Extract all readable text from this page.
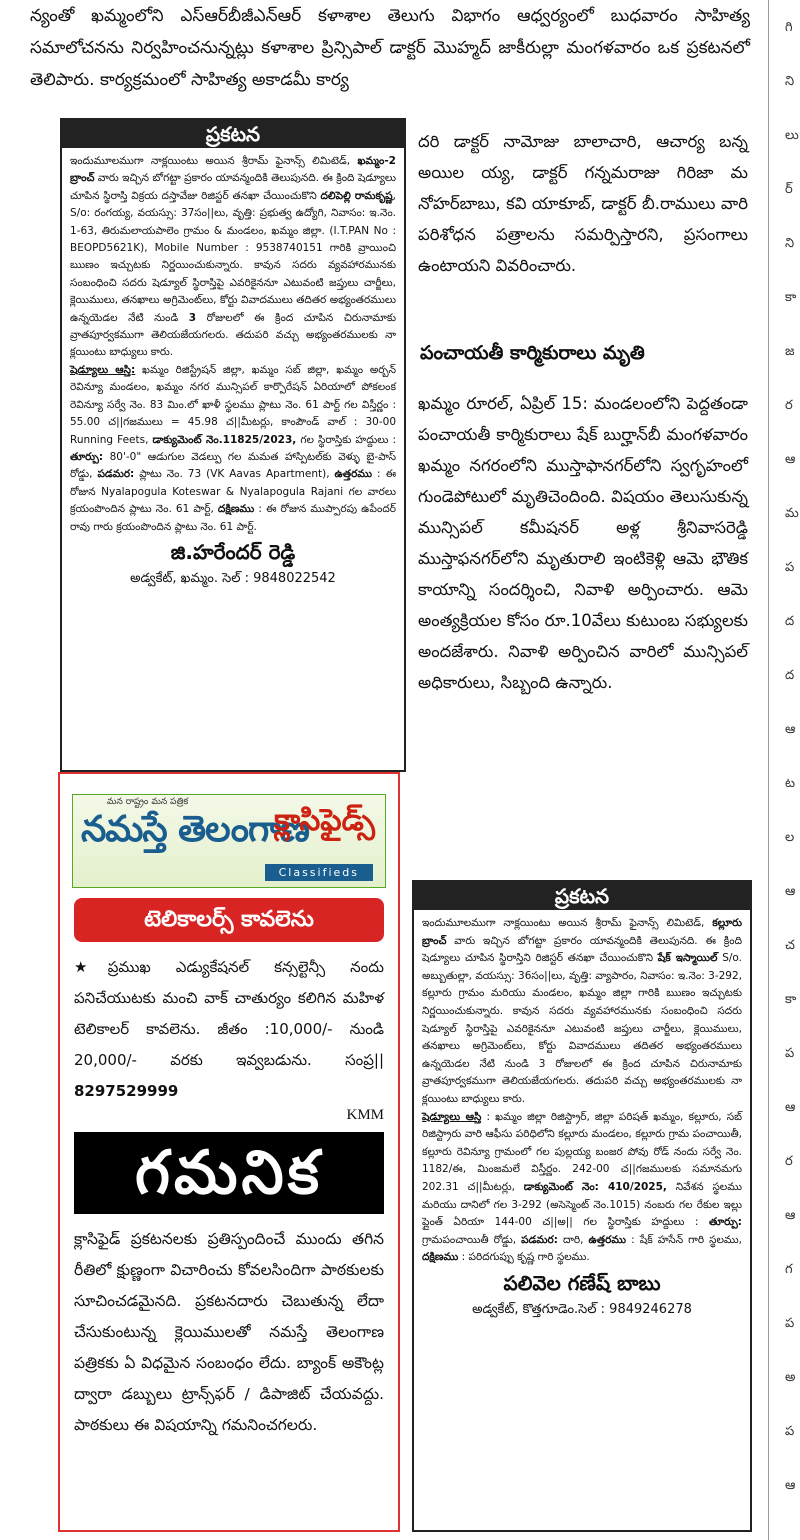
న్యంతో ఖమ్మంలోని ఎస్‌ఆర్‌బీజీఎన్‌ఆర్ కళాశాల తెలుగు విభాగం ఆధ్వర్యంలో బుధవారం సాహిత్య సమాలోచనను నిర్వహించనున్నట్లు కళాశాల ప్రిన్సిపాల్ డాక్టర్ మొహ్మద్ జాకీరుల్లా మంగళవారం ఒక ప్రకటనలో తెలిపారు. కార్యక్రమంలో సాహిత్య అకాడమీ కార్య
గి
ని
లు
ర్
ని
కా
జ
ర
ఆ
మ
ప
ద
ద
ఆ
ట
ల
ఆ
చ
కా
ప
ఆ
ర
ఆ
గ
ప
అ
ప
ఆ
ప్రకటన
ఇందుమూలముగా నాక్లయింటు అయిన శ్రీరామ్ ఫైనాన్స్ లిమిటెడ్, ఖమ్మం-2 బ్రాంచ్ వారు ఇచ్చిన బోగట్టా ప్రకారం యావన్మందికి తెలుపునది. ఈ క్రింది షెడ్యూలు చూపిన స్థిరాస్తి విక్రయ దస్తావేజు రిజిస్టర్ తనఖా చేయించుకొని దలిపెల్లి రామకృష్ణ, S/o: రంగయ్య, వయస్సు: 37సం||లు, వృత్తి: ప్రభుత్వ ఉద్యోగి, నివాసం: ఇ.నెం. 1-63, తిరుమలాయపాలెం గ్రామం & మండలం, ఖమ్మం జిల్లా. (I.T.PAN No : BEOPD5621K), Mobile Number : 9538740151 గారికి వ్రాయించి ఋణం ఇచ్చుటకు నిర్ణయించుకున్నారు. కావున సదరు వ్యవహారమునకు సంబంధించి సదరు షెడ్యూల్ స్థిరాస్తిపై ఎవరికైననూ ఎటువంటి జప్తులు చార్జీలు, క్లెయిములు, తనఖాలు అగ్రిమెంట్‌లు, కోర్టు వివాదములు తదితర అభ్యంతరములు ఉన్నయెడల నేటి నుండి 3 రోజులలో ఈ క్రింద చూపిన చిరునామాకు వ్రాతపూర్వకముగా తెలియజేయగలరు. తదుపరి వచ్చు అభ్యంతరములకు నా క్లయింటు బాధ్యులు కారు.
షెడ్యూలు ఆస్తి: ఖమ్మం రిజిస్ట్రేషన్ జిల్లా, ఖమ్మం సబ్ జిల్లా, ఖమ్మం అర్బన్ రెవిన్యూ మండలం, ఖమ్మం నగర మున్సిపల్ కార్పొరేషన్ ఏరియాలో పోకలంక రెవిన్యూ సర్వే నెం. 83 మిం.లో ఖాళీ స్థలము ప్లాటు నెం. 61 పార్ట్ గల విస్తీర్ణం : 55.00 చ||గజములు = 45.98 చ||మీటర్లు, కాంపౌండ్ వాల్ : 30-00 Running Feets, డాక్యుమెంట్ నెం.11825/2023, గల స్థిరాస్తికు హద్దులు : తూర్పు: 80'-0" ఆడుగుల వెడల్పు గల మమత హాస్పిటల్‌కు వెళ్ళు బై-పాస్ రోడ్డు, పడమర: ప్లాటు నెం. 73 (VK Aavas Apartment), ఉత్తరము : ఈ రోజున Nyalapogula Koteswar & Nyalapogula Rajani గల వారలు క్రయంపొందిన ప్లాటు నెం. 61 పార్ట్, దక్షిణము : ఈ రోజున ముప్పారపు ఉపేందర్ రావు గారు క్రయంపొందిన ప్లాటు నెం. 61 పార్ట్.
జి.హరేందర్ రెడ్డి
అడ్వకేట్, ఖమ్మం. సెల్ : 9848022542
దరి డాక్టర్ నామోజు బాలాచారి, ఆచార్య బన్న అయిల య్య, డాక్టర్ గన్నమరాజు గిరిజా మ నోహర్‌బాబు, కవి యాకూబ్, డాక్టర్ బీ.రాములు వారి పరిశోధన పత్రాలను సమర్పిస్తారని, ప్రసంగాలు ఉంటాయని వివరించారు.
పంచాయతీ కార్మికురాలు మృతి
ఖమ్మం రూరల్, ఏప్రిల్ 15: మండలంలోని పెద్దతండా పంచాయతీ కార్మికురాలు షేక్ బుర్హాన్‌బీ మంగళవారం ఖమ్మం నగరంలోని ముస్తాఫానగర్‌లోని స్వగృహంలో గుండెపోటులో మృతిచెందింది. విషయం తెలుసుకున్న మున్సిపల్ కమీషనర్ అళ్ల శ్రీనివాసరెడ్డి ముస్తాఫనగర్‌లోని మృతురాలి ఇంటికెళ్లి ఆమె భౌతిక కాయాన్ని సందర్శించి, నివాళి అర్పించారు. ఆమె అంత్యక్రియల కోసం రూ.10వేలు కుటుంబ సభ్యులకు అందజేశారు. నివాళి అర్పించిన వారిలో మున్సిపల్ అధికారులు, సిబ్బంది ఉన్నారు.
మన రాష్ట్రం మన పత్రిక
నమస్తే తెలంగాణ
క్లాసిఫైడ్స్
Classifieds
టెలికాలర్స్ కావలెను
★ప్రముఖ ఎడ్యుకేషనల్ కన్సల్టెన్సీ నందు పనిచేయుటకు మంచి వాక్ చాతుర్యం కలిగిన మహిళ టెలికాలర్ కావలెను. జీతం :10,000/- నుండి 20,000/- వరకు ఇవ్వబడును. సంప్ర|| 8297529999
KMM
గమనిక
క్లాసిఫైడ్ ప్రకటనలకు ప్రతిస్పందించే ముందు తగిన రీతిలో క్షుణ్ణంగా విచారించు కోవలసిందిగా పాఠకులకు సూచించడమైనది. ప్రకటనదారు చెబుతున్న లేదా చేసుకుంటున్న క్లెయిములతో నమస్తే తెలంగాణ పత్రికకు ఏ విధమైన సంబంధం లేదు. బ్యాంక్ అకౌంట్ల ద్వారా డబ్బులు ట్రాన్స్‌ఫర్ / డిపాజిట్ చేయవద్దు. పాఠకులు ఈ విషయాన్ని గమనించగలరు.
ప్రకటన
ఇందుమూలముగా నాక్లయింటు అయిన శ్రీరామ్ ఫైనాన్స్ లిమిటెడ్, కల్లూరు బ్రాంచ్ వారు ఇచ్చిన బోగట్టా ప్రకారం యావన్మందికి తెలుపునది. ఈ క్రింది షెడ్యూలు చూపిన స్థిరాస్తిని రిజిస్టర్ తనఖా చేయించుకొని షేక్ ఇస్మాయిల్ S/o. అబ్బుతుల్లా, వయస్సు: 36సం||లు, వృత్తి: వ్యాపారం, నివాసం: ఇ.నెం: 3-292, కల్లూరు గ్రామం మరియు మండలం, ఖమ్మం జిల్లా గారికి ఋణం ఇచ్చుటకు నిర్ణయించుకున్నారు. కావున సదరు వ్యవహారమునకు సంబంధించి సదరు షెడ్యూల్ స్థిరాస్తిపై ఎవరికైననూ ఎటువంటి జప్తులు చార్జీలు, క్లెయిములు, తనఖాలు అగ్రిమెంట్‌లు, కోర్టు వివాదములు తదితర అభ్యంతరములు ఉన్నయెడల నేటి నుండి 3 రోజులలో ఈ క్రింద చూపిన చిరునామాకు వ్రాతపూర్వకముగా తెలియజేయగలరు. తదుపరి వచ్చు అభ్యంతరములకు నా క్లయింటు బాధ్యులు కారు.
షెడ్యూలు ఆస్తి : ఖమ్మం జిల్లా రిజిస్ట్రార్, జిల్లా పరిషత్ ఖమ్మం, కల్లూరు, సబ్ రిజిస్ట్రారు వారి ఆఫీసు పరిధిలోని కల్లూరు మండలం, కల్లూరు గ్రామ పంచాయితీ, కల్లూరు రెవిన్యూ గ్రామంలో గల పుల్లయ్య బంజర పోవు రోడ్ నందు సర్వే నెం. 1182/ఈ, మింజమలే విస్తీర్ణం. 242-00 చ||గజములకు సమానమగు 202.31 చ||మీటర్లు, డాక్యుమెంట్ నెం: 410/2025, నివేశన స్థలము మరియు దానిలో గల 3-292 (అసెస్మెంట్ నెం.1015) నంబరు గల రేకుల ఇల్లు ప్లైంత్ ఏరియా 144-00 చ||అ|| గల స్థిరాస్తికు హద్దులు : తూర్పు: గ్రామపంచాయితీ రోడ్డు, పడమర: దారి, ఉత్తరము : షేక్ హసేన్ గారి స్థలము, దక్షిణము : పరిదగుప్పు కృష్ణ గారి స్థలము.
పలివెల గణేష్ బాబు
అడ్వకేట్, కొత్తగూడెం.సెల్ : 9849246278
